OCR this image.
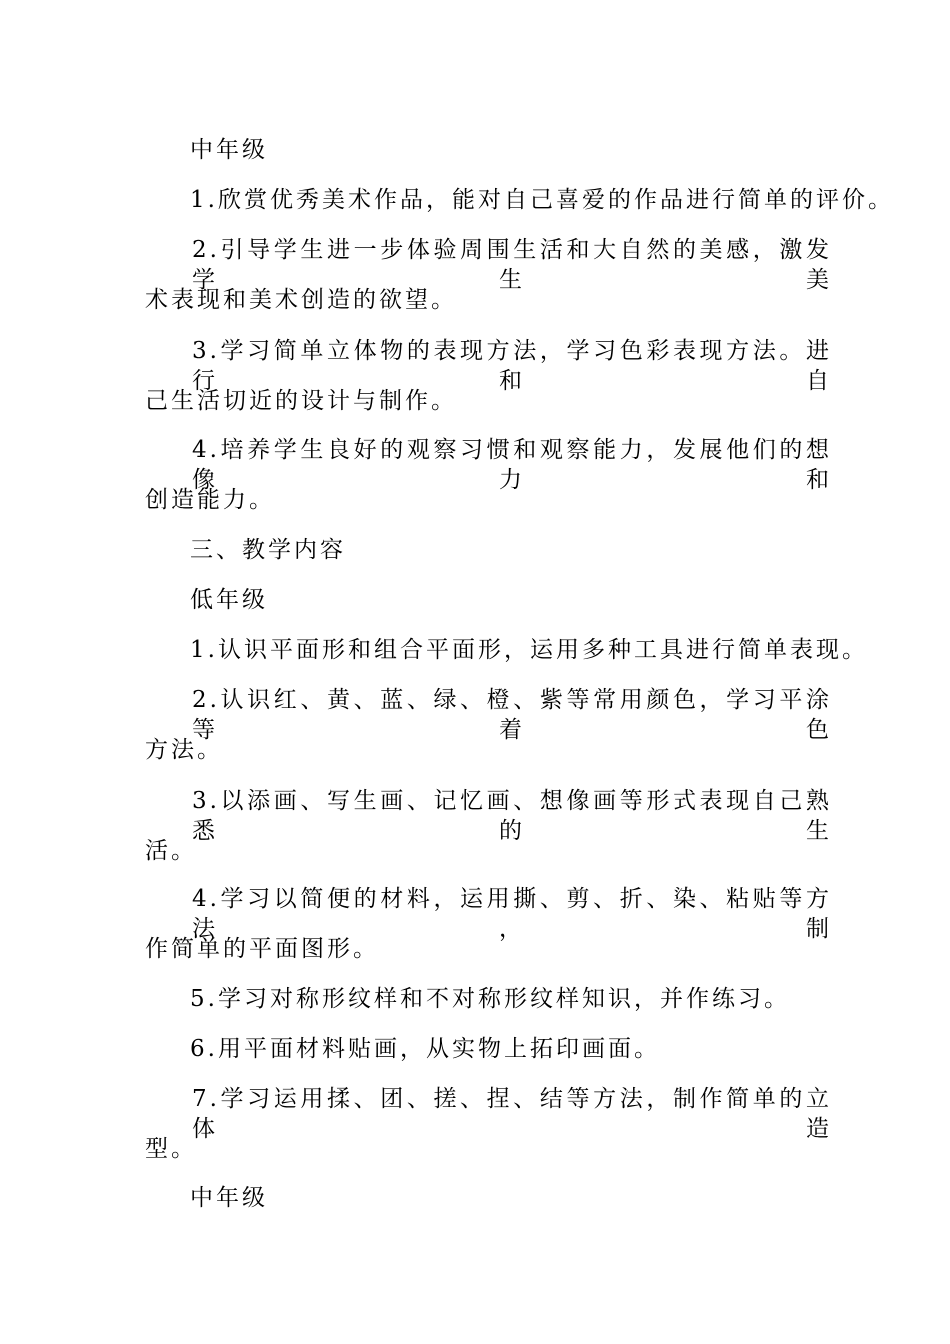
中年级
1.欣赏优秀美术作品，能对自己喜爱的作品进行简单的评价。
2.引导学生进一步体验周围生活和大自然的美感，激发学生美
术表现和美术创造的欲望。
3.学习简单立体物的表现方法，学习色彩表现方法。进行和自
己生活切近的设计与制作。
4.培养学生良好的观察习惯和观察能力，发展他们的想像力和
创造能力。
三、教学内容
低年级
1.认识平面形和组合平面形，运用多种工具进行简单表现。
2.认识红、黄、蓝、绿、橙、紫等常用颜色，学习平涂等着色
方法。
3.以添画、写生画、记忆画、想像画等形式表现自己熟悉的生
活。
4.学习以简便的材料，运用撕、剪、折、染、粘贴等方法，制
作简单的平面图形。
5.学习对称形纹样和不对称形纹样知识，并作练习。
6.用平面材料贴画，从实物上拓印画面。
7.学习运用揉、团、搓、捏、结等方法，制作简单的立体造
型。
中年级
